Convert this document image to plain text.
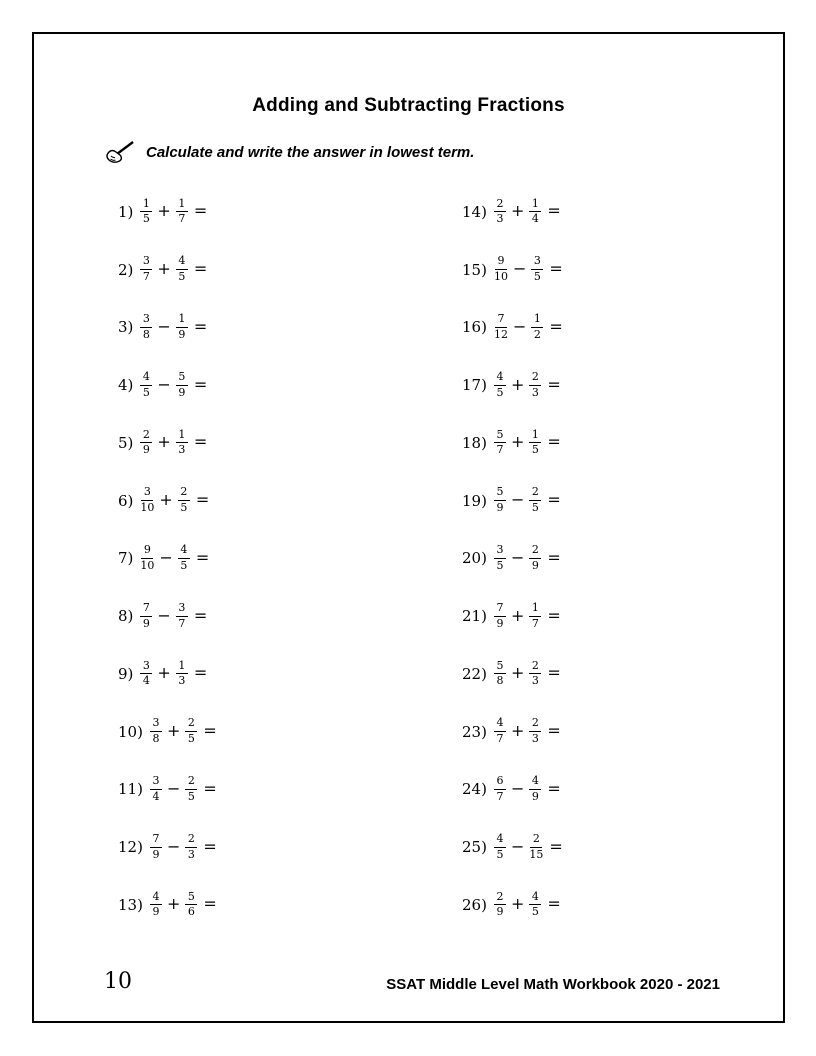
Adding and Subtracting Fractions
Calculate and write the answer in lowest term.
$1) \frac{1}{5} + \frac{1}{7}$ =
$2) \frac{3}{7} + \frac{4}{5}$ =
$3) \frac{3}{8} - \frac{1}{9}$ =
$4) \frac{4}{5} - \frac{5}{9}$ =
$5) \frac{2}{9} + \frac{1}{3}$ =
$6) \frac{3}{10} + \frac{2}{5}$ =
$7) \frac{9}{10} - \frac{4}{5}$ =
$8) \frac{7}{9} - \frac{3}{7}$ =
$9) \frac{3}{4} + \frac{1}{3}$ =
$10) \frac{3}{8} + \frac{2}{5}$ =
$11) \frac{3}{4} - \frac{2}{5}$ =
$12) \frac{7}{9} - \frac{2}{3}$ =
$13) \frac{4}{9} + \frac{5}{6}$ =
$14) \frac{2}{3} + \frac{1}{4}$ =
$15) \frac{9}{10} - \frac{3}{5}$ =
$16) \frac{7}{12} - \frac{1}{2}$ =
$17) \frac{4}{5} + \frac{2}{3}$ =
$18) \frac{5}{7} + \frac{1}{5}$ =
$19) \frac{5}{9} - \frac{2}{5}$ =
$20) \frac{3}{5} - \frac{2}{9}$ =
$21) \frac{7}{9} + \frac{1}{7}$ =
$22) \frac{5}{8} + \frac{2}{3}$ =
$23) \frac{4}{7} + \frac{2}{3}$ =
$24) \frac{6}{7} - \frac{4}{9}$ =
$25) \frac{4}{5} - \frac{2}{15}$ =
$26) \frac{2}{9} + \frac{4}{5}$ =
10	SSAT Middle Level Math Workbook 2020 - 2021
